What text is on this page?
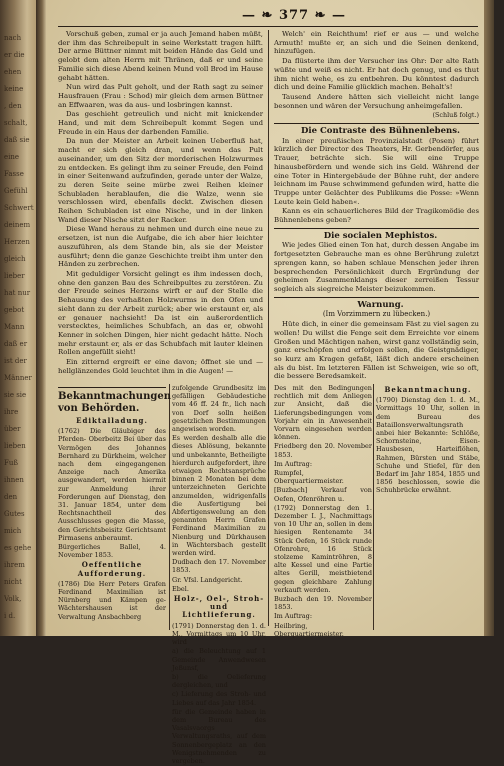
nach
er die
ehen
keine
, den
schalt,
daß sie
eine
Fasse
Gefühl
Schwert
deinem
Herzen
gleich
lieber
hat nur
gebot
Mann
daß er
ist der
Männer
sie sie
ihre
über
lieben
Fuß
ihnen
den
Gutes
mich
es gehe
ihrem
nicht
Volk,
i d.
— ❧ 377 ❧ —

Vorschuß geben, zumal er ja auch Jemand haben müßt, der ihm das Schreibepult in seine Werkstatt tragen hilft. Der arme Büttner nimmt mit beiden Hände das Geld und gelobt dem alten Herrn mit Thränen, daß er und seine Familie sich diese Abend keinen Mund voll Brod im Hause gehabt hätten.

Nun wird das Pult geholt, und der Rath sagt zu seiner Hausfrauen (Frau : Schod) mir gleich dem armen Büttner an Effwaaren, was da aus- und losbringen kannst.

Das geschieht getreulich und nicht mit knickender Hand, und mit dem Schreibepult kommt Segen und Freude in ein Haus der darbenden Familie.

Da nun der Meister an Arbeit keinen Ueberfluß hat, macht er sich gleich dran, und wenn das Pult auseinander, um den Sitz der morderischen Holzwurmes zu entdecken. Es gelingt ihm zu seiner Freude, den Feind in einer Seitenwand aufzufinden, gerade unter der Walze, zu deren Seite seine mürbe zwei Reihen kleiner Schubladen herablaufen, die die Walze, wenn sie verschlossen wird, ebenfalls deckt. Zwischen diesen Reihen Schubladen ist eine Nische, und in der linken Wand dieser Nische sitzt der Racker.

Diese Wand heraus zu nehmen und durch eine neue zu ersetzen, ist nun die Aufgabe, die ich aber hier leichter auszuführen, als dem Stande bin, als sie der Meister ausführt; denn die ganze Geschichte treibt ihm unter den Händen zu zerbrechen.

Mit geduldiger Vorsicht gelingt es ihm indessen doch, ohne den ganzen Bau des Schreibpultes zu zerstören. Zu der Freude seines Herzens wirft er auf der Stelle die Behausung des verhaßten Holzwurms in den Ofen und sieht dann zu der Arbeit zurück; aber wie erstaunt er, als er genauer nachsieht! Da ist ein außerordentlich verstecktes, heimliches Schubfach, an das er, obwohl Kenner in solchen Dingen, hier nicht gedacht hätte. Noch mehr erstaunt er, als er das Schubfach mit lauter kleinen Rollen angefüllt sieht!

Ein zitternd ergreift er eine davon; öffnet sie und — hellglänzendes Gold leuchtet ihm in die Augen! —

Welch' ein Reichthum! rief er aus — und welche Armuth! mußte er, an sich und die Seinen denkend, hinzufügen.

Da flüsterte ihm der Versucher ins Ohr: Der alte Rath wüßte und weiß es nicht. Er hat doch genug, und es thut ihm nicht wehe, es zu entbehren. Du könntest dadurch dich und deine Familie glücklich machen. Behalt's!

Tausend Andere hätten sich vielleicht nicht lange besonnen und wären der Versuchung anheimgefallen.

(Schluß folgt.)

Die Contraste des Bühnenlebens.

In einer preußischen Provinzialstadt (Posen) führt kürzlich der Director des Theaters, Hr. Gerbendörfer, aus Trauer, beträchte sich. Sie will eine Truppe hinausbefördern und wende sich ins Geld. Während der eine Toter in Hintergebäude der Bühne ruht, der andere leichnam im Pause schwimmend gefunden wird, hatte die Truppe unter Gelächter des Publikums die Posse: »Wenn Leute kein Geld haben«.

Kann es ein schauerlicheres Bild der Tragikomödie des Bühnenlebens geben?

Die socialen Mephistos.

Wie jedes Glied einen Ton hat, durch dessen Angabe im fortgesetzten Gebrauche man es ohne Berührung zuletzt sprengen kann, so haben schlaue Menschen jeder ihren besprechenden Persönlichkeit durch Ergründung der geheimen Zusammenklangs dieser zerreißen Tessur sogleich als siegreiche Meister beizukommen.

Warnung.

(Im Vorzimmern zu lübecken.)

Hüte dich, in einer die gemeinsam Fäst zu viel sagen zu wollen! Du willst die Fenge seit dem Erreichte vor einem Großen und Mächtigen nahen, wirst ganz vollständig sein, ganz erschöpfen und erfolgen sollen, die Geistgnädiger, so kurz am Kragen gefaßt, läßt dich andere erscheinen als du bist. Im letzteren Fällen ist Schweigen, wie so oft, die bessere Beredsamkeit.

Bekanntmachungen von Behörden.
Ediktalladung.

(1762) Die Gläubiger des Pferden- Oberbeitz Bei über das Vermögen des Johannes Bernhard zu Dürkheim, welcher nach dem eingegangenen Anzeige nach Amerika ausgewandert, werden hiermit zur Anmeldung ihrer Forderungen auf Dienstag, den 31. Januar 1854, unter dem Rechtsnachtheil des Ausschlusses gegen die Masse, den Gerichtsbeisitz Gerichtsamt Pirmasens anberaumt.

Bürgerliches Ballel, 4. November 1853.

Oeffentliche Aufforderung.

(1786) Die Herr Peters Grafen Ferdinand Maximilian ist Nürnberg und Kämpen ge- Wächtershausen ist der Verwaltung Ansbachberg

zufolgende Grundbesitz im gefälligen Gebäudestiche vom 46 ff. 24 fr., lich nach von Dorf solln heißen gesetzlichen Bestimmungen angewisen worden.

Es werden deshalb alle die dieses Ablösung, bekannte und unbekannte, Betheiligte hierdurch aufgefordert, ihre etwaigen Rechtsansprüche binnen 2 Monaten bei dem unterzeichneten Gerichte anzumelden, widrigenfalls die Ausfertigung bei Abfertigenswelung an den genannten Herrn Grafen Ferdinand Maximilian zu Nienburg und Dürkhausen in Wächtersbach gestellt werden wird.

Dudbach den 17. November 1853.

Gr. Vfsl. Landgericht.

Ebel.

Holz-, Oel-, Stroh- und Lichtlieferung.

(1791) Donnerstag den 1. d. M., Vormittags um 10 Uhr, wird

a) die Beleuchtung auf 1 Gemeinde Anwendwesen Jeßunsf,

b) die Oelieferung dergleichen, und

c) Lieferung des Stroh- und Liebes auf das Jahr 1854.

für die Gemeinde haben in dem Bureau des Vasalsvaorgs Verwaltungsraths, auf dem Sonnenbergeplatz an den Wenigstnehmenden zu vergeben.

Des mit den Bedingungen rechtlich mit dem Anliegen zur Ansicht, daß die Lieferungsbedingungen vom Vorjahr ein in Anwesenheit Vorvarn eingesehen werden können.

Friedberg den 20. November 1853.

Im Auftrag:

Rumpfel, Oberquartiermeister.

[Buzbach] Verkauf von Oefen, Ofenröhren u.

(1792) Donnerstag den 1. Dezember I. J., Nachmittags von 10 Uhr an, sollen in dem hiesigen Rentenamte 34 Stück Oefen, 16 Stück runde Ofenrohre, 16 Stück stolzeme Kamintröhren, 8 alte Kessel und eine Partie altes Gerill, meistbietend gegen gleichbare Zahlung verkauft werden.

Buzbach den 19. November 1853.

Im Auftrag:

Heilbring, Oberquartiermeister.

Bekanntmachung.

(1790) Dienstag den 1. d. M., Vormittags 10 Uhr, sollen in dem Bureau des Bataillonsverwaltungsrath anbei hier Bekannte: Schlöße, Schornsteine, Eisen-Hausbesen, Harteiflöhen, Rahmen, Bürsten und Stäbe, Schuhe und Stiefel, für den Bedarf im Jahr 1854, 1855 und 1856 beschlossen, sowie die Schuhbrücke erwähnt.
